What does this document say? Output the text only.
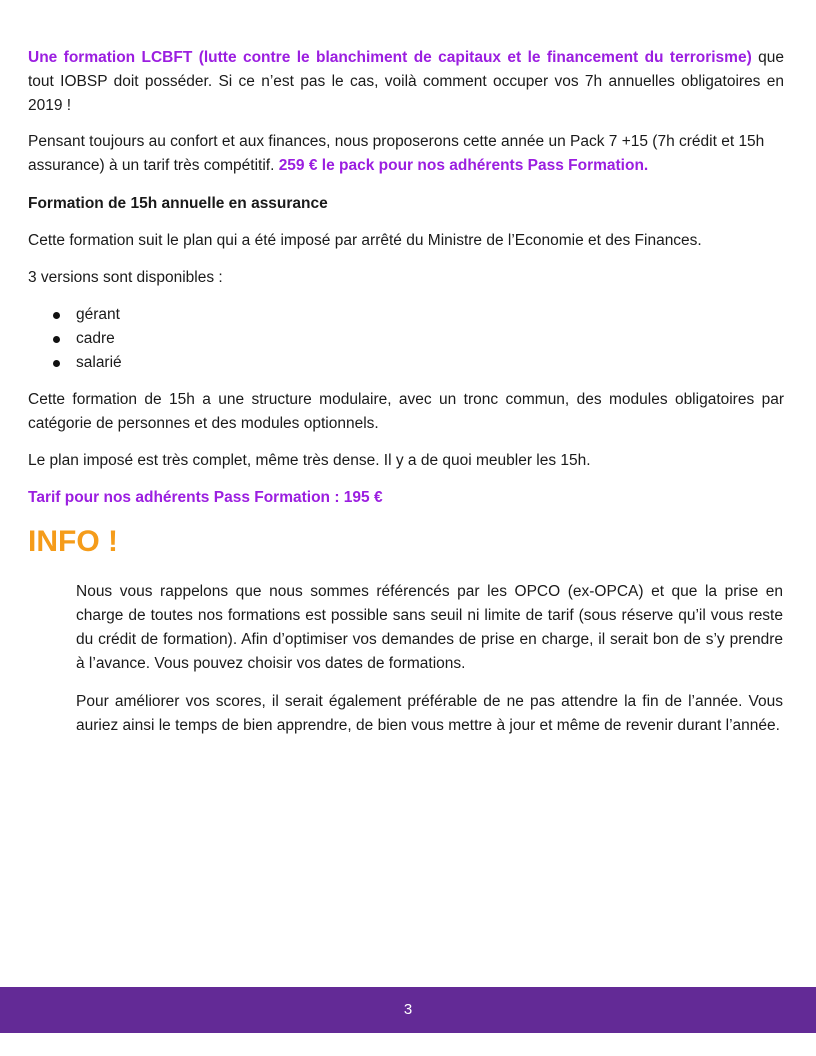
Une formation LCBFT (lutte contre le blanchiment de capitaux et le financement du terrorisme) que tout IOBSP doit posséder. Si ce n’est pas le cas, voilà comment occuper vos 7h annuelles obligatoires en 2019 !

Pensant toujours au confort et aux finances, nous proposerons cette année un Pack 7 +15 (7h crédit et 15h assurance) à un tarif très compétitif. 259 € le pack pour nos adhérents Pass Formation.

Formation de 15h annuelle en assurance

Cette formation suit le plan qui a été imposé par arrêté du Ministre de l’Economie et des Finances.

3 versions sont disponibles :

gérant
cadre
salarié

Cette formation de 15h a une structure modulaire, avec un tronc commun, des modules obligatoires par catégorie de personnes et des modules optionnels.

Le plan imposé est très complet, même très dense. Il y a de quoi meubler les 15h.

Tarif pour nos adhérents Pass Formation : 195 €

INFO !

Nous vous rappelons que nous sommes référencés par les OPCO (ex-OPCA) et que la prise en charge de toutes nos formations est possible sans seuil ni limite de tarif (sous réserve qu’il vous reste du crédit de formation). Afin d’optimiser vos demandes de prise en charge, il serait bon de s’y prendre à l’avance. Vous pouvez choisir vos dates de formations.

Pour améliorer vos scores, il serait également préférable de ne pas attendre la fin de l’année. Vous auriez ainsi le temps de bien apprendre, de bien vous mettre à jour et même de revenir durant l’année.

3
